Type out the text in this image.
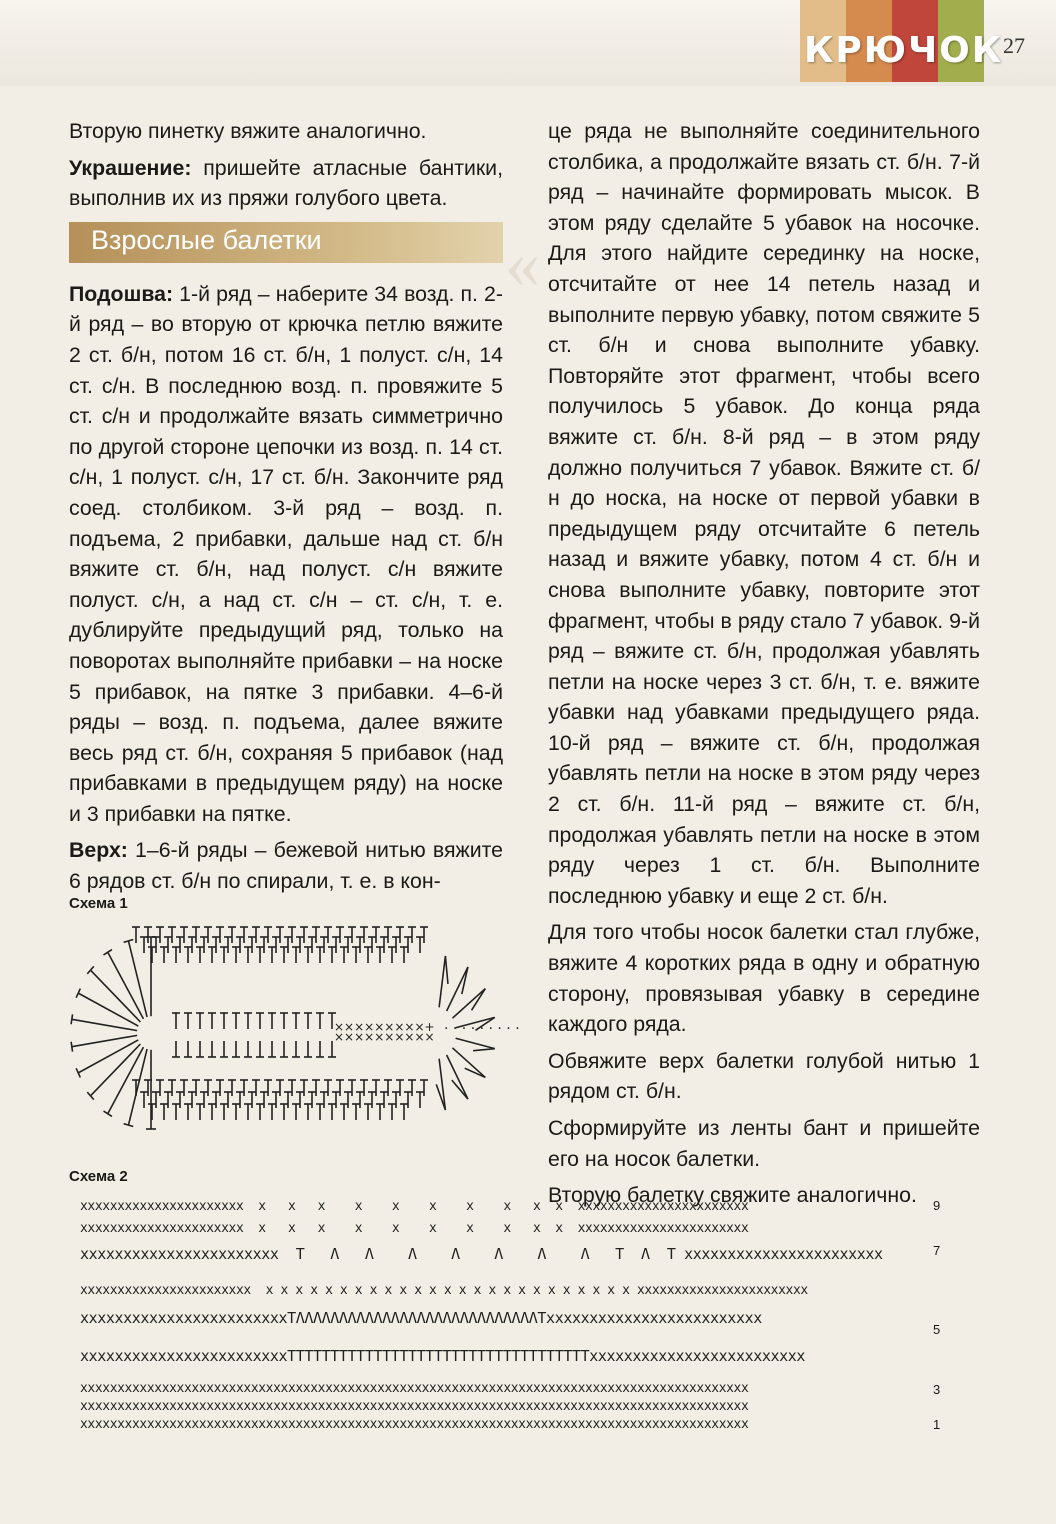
КРЮЧОК 27
«

Вторую пинетку вяжите аналогично.

Украшение: пришейте атласные бантики, выполнив их из пряжи голубого цвета.

Подошва: 1-й ряд – наберите 34 возд. п. 2-й ряд – во вторую от крючка петлю вяжите 2 ст. б/н, потом 16 ст. б/н, 1 полуст. с/н, 14 ст. с/н. В последнюю возд. п. провяжите 5 ст. с/н и продолжайте вязать симметрично по другой стороне цепочки из возд. п. 14 ст. с/н, 1 полуст. с/н, 17 ст. б/н. Закончите ряд соед. столбиком. 3-й ряд – возд. п. подъема, 2 прибавки, дальше над ст. б/н вяжите ст. б/н, над полуст. с/н вяжите полуст. с/н, а над ст. с/н – ст. с/н, т. е. дублируйте предыдущий ряд, только на поворотах выполняйте прибавки – на носке 5 прибавок, на пятке 3 прибавки. 4–6-й ряды – возд. п. подъема, далее вяжите весь ряд ст. б/н, сохраняя 5 прибавок (над прибавками в предыдущем ряду) на носке и 3 прибавки на пятке.

Верх: 1–6-й ряды – бежевой нитью вяжите 6 рядов ст. б/н по спирали, т. е. в кон-

Взрослые балетки

це ряда не выполняйте соединительного столбика, а продолжайте вязать ст. б/н. 7-й ряд – начинайте формировать мысок. В этом ряду сделайте 5 убавок на носочке. Для этого найдите серединку на носке, отсчитайте от нее 14 петель назад и выполните первую убавку, потом свяжите 5 ст. б/н и снова выполните убавку. Повторяйте этот фрагмент, чтобы всего получилось 5 убавок. До конца ряда вяжите ст. б/н. 8-й ряд – в этом ряду должно получиться 7 убавок. Вяжите ст. б/н до носка, на носке от первой убавки в предыдущем ряду отсчитайте 6 петель назад и вяжите убавку, потом 4 ст. б/н и снова выполните убавку, повторите этот фрагмент, чтобы в ряду стало 7 убавок. 9-й ряд – вяжите ст. б/н, продолжая убавлять петли на носке через 3 ст. б/н, т. е. вяжите убавки над убавками предыдущего ряда. 10-й ряд – вяжите ст. б/н, продолжая убавлять петли на носке в этом ряду через 2 ст. б/н. 11-й ряд – вяжите ст. б/н, продолжая убавлять петли на носке в этом ряду через 1 ст. б/н. Выполните последнюю убавку и еще 2 ст. б/н.

Для того чтобы носок балетки стал глубже, вяжите 4 коротких ряда в одну и обратную сторону, провязывая убавку в середине каждого ряда.

Обвяжите верх балетки голубой нитью 1 рядом ст. б/н.

Сформируйте из ленты бант и пришейте его на носок балетки.

Вторую балетку свяжите аналогично.

Схема 1
×××××××××+
×××××××××× · · · · · · · · ·
Схема 2
xxxxxxxxxxxxxxxxxxxxxx  x   x   x    x    x    x    x    x   x  x  xxxxxxxxxxxxxxxxxxxxxxx
xxxxxxxxxxxxxxxxxxxxxx  x   x   x    x    x    x    x    x   x  x  xxxxxxxxxxxxxxxxxxxxxxx
xxxxxxxxxxxxxxxxxxxxxxx  T   Λ   Λ    Λ    Λ    Λ    Λ    Λ   T  Λ  T xxxxxxxxxxxxxxxxxxxxxxx
xxxxxxxxxxxxxxxxxxxxxxx  x x x x x x x x x x x x x x x x x x x x x x x x x xxxxxxxxxxxxxxxxxxxxxxx
xxxxxxxxxxxxxxxxxxxxxxxxTΛΛΛΛΛΛΛΛΛΛΛΛΛΛΛΛΛΛΛΛΛΛΛΛΛΛΛΛTxxxxxxxxxxxxxxxxxxxxxxxxx
xxxxxxxxxxxxxxxxxxxxxxxxTTTTTTTTTTTTTTTTTTTTTTTTTTTTTTTTTTTxxxxxxxxxxxxxxxxxxxxxxxxx
xxxxxxxxxxxxxxxxxxxxxxxxxxxxxxxxxxxxxxxxxxxxxxxxxxxxxxxxxxxxxxxxxxxxxxxxxxxxxxxxxxxxxxxxxx
xxxxxxxxxxxxxxxxxxxxxxxxxxxxxxxxxxxxxxxxxxxxxxxxxxxxxxxxxxxxxxxxxxxxxxxxxxxxxxxxxxxxxxxxxx
xxxxxxxxxxxxxxxxxxxxxxxxxxxxxxxxxxxxxxxxxxxxxxxxxxxxxxxxxxxxxxxxxxxxxxxxxxxxxxxxxxxxxxxxxx
9
7
5
3
1
